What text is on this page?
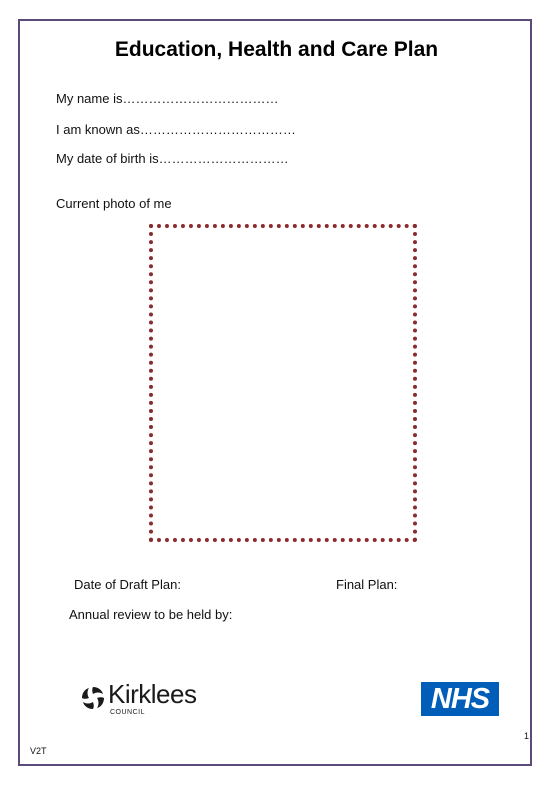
Education, Health and Care Plan
My name is………………………………
I am known as………………………………
My date of birth is…………………………
Current photo of me
Date of Draft Plan:	Final Plan:
Annual review to be held by:
Kirklees
COUNCIL	NHS
1
V2T
